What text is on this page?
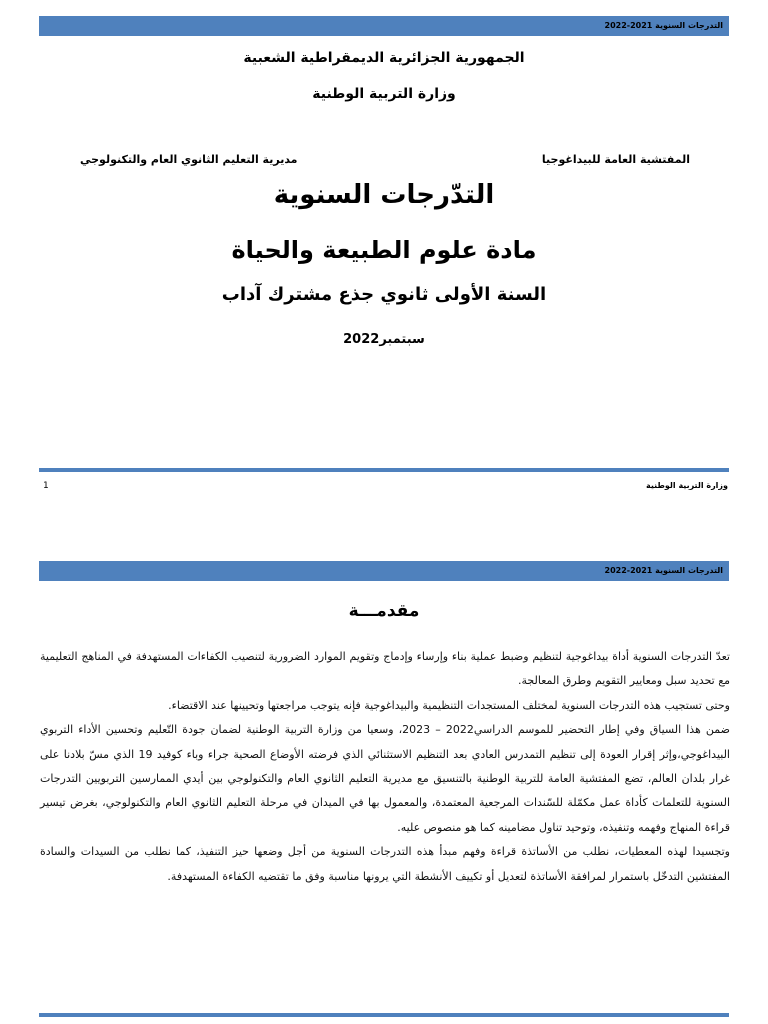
التدرجات السنوية 2021-2022
الجمهورية الجزائرية الديمقراطية الشعبية
وزارة التربية الوطنية
المفتشية العامة للبيداغوجيا
مديرية التعليم الثانوي العام والتكنولوجي
التدّرجات السنوية
مادة علوم الطبيعة والحياة
السنة الأولى ثانوي جذع مشترك آداب
سبتمبر2022
وزارة التربية الوطنية
1
التدرجات السنوية 2021-2022
مقدمـــة

تعدّ التدرجات السنوية أداة بيداغوجية لتنظيم وضبط عملية بناء وإرساء وإدماج وتقويم الموارد الضرورية لتنصيب الكفاءات المستهدفة في المناهج التعليمية مع تحديد سبل ومعايير التقويم وطرق المعالجة.

وحتى تستجيب هذه التدرجات السنوية لمختلف المستجدات التنظيمية والبيداغوجية فإنه يتوجب مراجعتها وتحيينها عند الاقتضاء.

ضمن هذا السياق وفي إطار التحضير للموسم الدراسي2022 – 2023، وسعيا من وزارة التربية الوطنية لضمان جودة التّعليم وتحسين الأداء التربوي البيداغوجي،وإثر إقرار العودة إلى تنظيم التمدرس العادي بعد التنظيم الاستثنائي الذي فرضته الأوضاع الصحية جراء وباء كوفيد 19 الذي مسّ بلادنا على غرار بلدان العالم، تضع المفتشية العامة للتربية الوطنية بالتنسيق مع مديرية التعليم الثانوي العام والتكنولوجي بين أيدي الممارسين التربويين التدرجات السنوية للتعلمات كأداة عمل مكمّلة للسّندات المرجعية المعتمدة، والمعمول بها في الميدان في مرحلة التعليم الثانوي العام والتكنولوجي، بغرض تيسير قراءة المنهاج وفهمه وتنفيذه، وتوحيد تناول مضامينه كما هو منصوص عليه.

وتجسيدا لهذه المعطيات، نطلب من الأساتذة قراءة وفهم مبدأ هذه التدرجات السنوية من أجل وضعها حيز التنفيذ، كما نطلب من السيدات والسادة المفتشين التدخّل باستمرار لمرافقة الأساتذة لتعديل أو تكييف الأنشطة التي يرونها مناسبة وفق ما تقتضيه الكفاءة المستهدفة.
